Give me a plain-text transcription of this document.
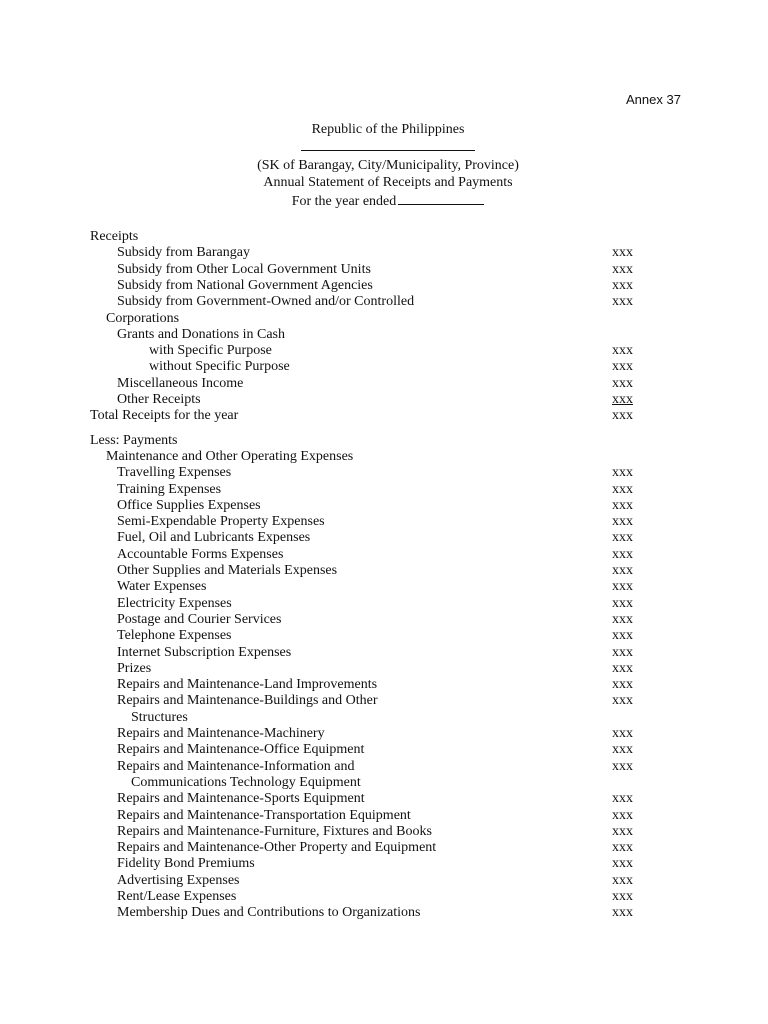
Annex 37
Republic of the Philippines
(SK of Barangay, City/Municipality, Province)
Annual Statement of Receipts and Payments
For the year ended
Receipts
Subsidy from Barangay	xxx
Subsidy from Other Local Government Units	xxx
Subsidy from National Government Agencies	xxx
Subsidy from Government-Owned and/or Controlled	xxx
Corporations
Grants and Donations in Cash
with Specific Purpose	xxx
without Specific Purpose	xxx
Miscellaneous Income	xxx
Other Receipts	xxx
Total Receipts for the year	xxx
Less: Payments
Maintenance and Other Operating Expenses
Travelling Expenses	xxx
Training Expenses	xxx
Office Supplies Expenses	xxx
Semi-Expendable Property Expenses	xxx
Fuel, Oil and Lubricants Expenses	xxx
Accountable Forms Expenses	xxx
Other Supplies and Materials Expenses	xxx
Water Expenses	xxx
Electricity Expenses	xxx
Postage and Courier Services	xxx
Telephone Expenses	xxx
Internet Subscription Expenses	xxx
Prizes	xxx
Repairs and Maintenance-Land Improvements	xxx
Repairs and Maintenance-Buildings and Other	xxx
Structures
Repairs and Maintenance-Machinery	xxx
Repairs and Maintenance-Office Equipment	xxx
Repairs and Maintenance-Information and	xxx
Communications Technology Equipment
Repairs and Maintenance-Sports Equipment	xxx
Repairs and Maintenance-Transportation Equipment	xxx
Repairs and Maintenance-Furniture, Fixtures and Books	xxx
Repairs and Maintenance-Other Property and Equipment	xxx
Fidelity Bond Premiums	xxx
Advertising Expenses	xxx
Rent/Lease Expenses	xxx
Membership Dues and Contributions to Organizations	xxx
